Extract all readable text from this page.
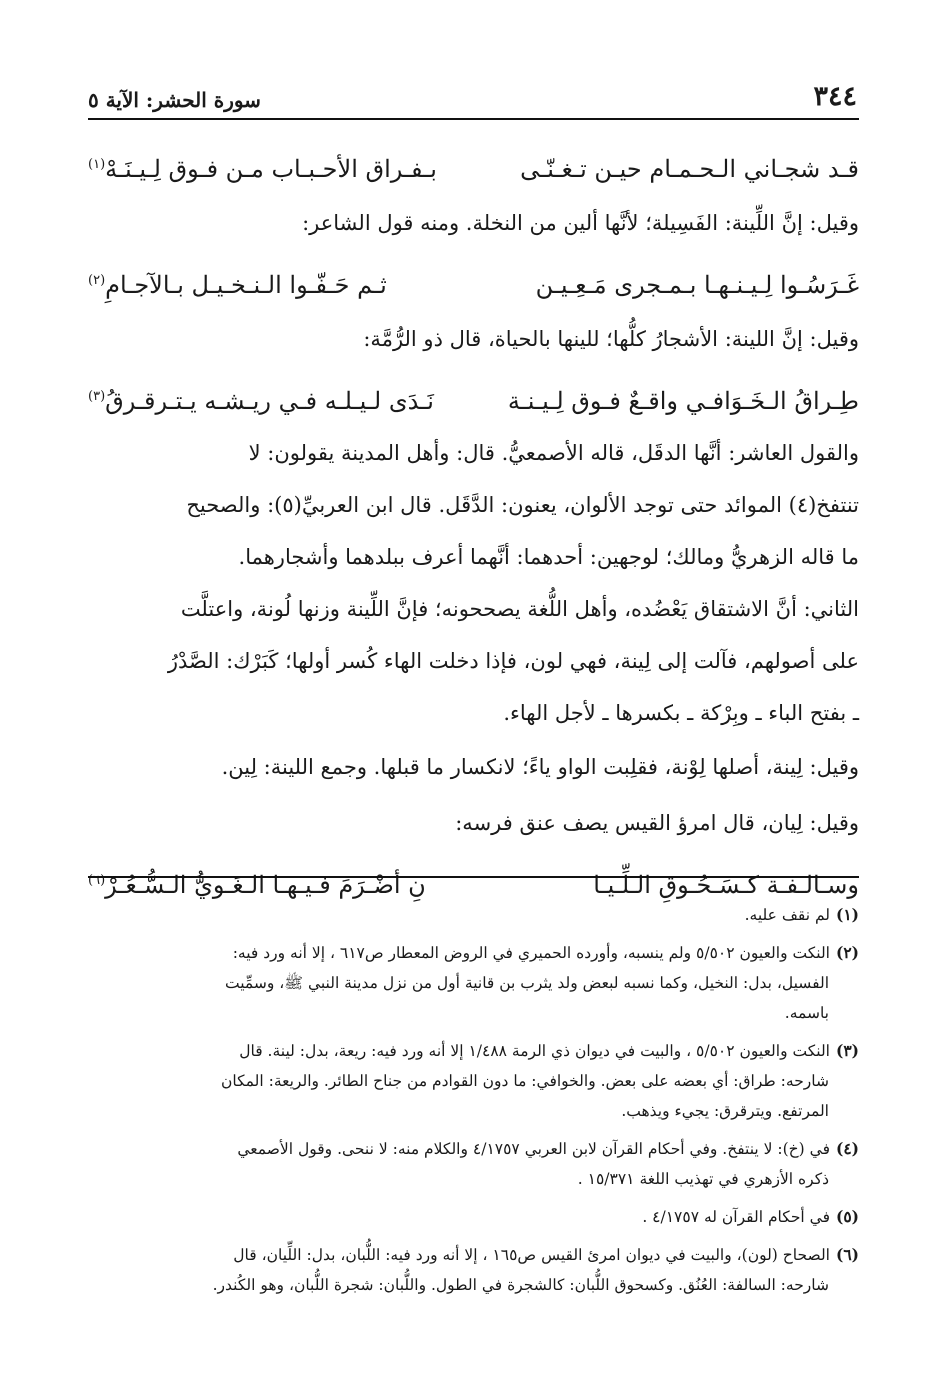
٣٤٤
سورة الحشر: الآية ٥
قـد شجـاني الـحـمـام حيـن تـغـنّـى
بـفـراق الأحـبـاب مـن فـوق لِـيـنَـهْ$^{(١)}$
وقيل: إنَّ اللِّينة: الفَسِيلة؛ لأنَّها ألين من النخلة. ومنه قول الشاعر:
غَـرَسُـوا لِـيـنـهـا بـمـجرى مَـعِـيـن
ثـم حَـفّـوا الـنـخـيـل بـالآجـامِ$^{(٢)}$
وقيل: إنَّ اللينة: الأشجارُ كلُّها؛ للينها بالحياة، قال ذو الرُّمَّة:
طِـراقُ الـخَـوَافـي واقـعٌ فـوق لِـيـنـة
نَـدَى لـيـلـه فـي ريـشـه يـتـرقـرقُ$^{(٣)}$

والقول العاشر: أنَّها الدقَل، قاله الأصمعيُّ. قال: وأهل المدينة يقولون: لا

تنتفخ(٤) الموائد حتى توجد الألوان، يعنون: الدَّقَل. قال ابن العربيِّ(٥): والصحيح

ما قاله الزهريُّ ومالك؛ لوجهين: أحدهما: أنَّهما أعرف ببلدهما وأشجارهما.

الثاني: أنَّ الاشتقاق يَعْضُده، وأهل اللُّغة يصححونه؛ فإنَّ اللِّينة وزنها لُونة، واعتلَّت

على أصولهم، فآلت إلى لِينة، فهي لون، فإذا دخلت الهاء كُسر أولها؛ كَبَرْك: الصَّدْرُ

ـ بفتح الباء ـ وبِرْكة ـ بكسرها ـ لأجل الهاء.

وقيل: لِينة، أصلها لِوْنة، فقلِبت الواو ياءً؛ لانكسار ما قبلها. وجمع اللينة: لِين.
وقيل: لِيان، قال امرؤ القيس يصف عنق فرسه:
وسـالـفـة كـسَـحُـوقِ الـلِّـيـا
نِ أضْـرَمَ فـيـهـا الـغَـويُّ الـسُّـعُـرْ$^{(٦)}$
(١)لم نقف عليه.
(٢)النكت والعيون ٥/٥٠٢ ولم ينسبه، وأورده الحميري في الروض المعطار ص٦١٧ ، إلا أنه ورد فيه:
الفسيل، بدل: النخيل، وكما نسبه لبعض ولد يثرب بن قانية أول من نزل مدينة النبي ﷺ، وسمِّيت
باسمه.
(٣)النكت والعيون ٥/٥٠٢ ، والبيت في ديوان ذي الرمة ١/٤٨٨ إلا أنه ورد فيه: ريعة، بدل: لينة. قال
شارحه: طراق: أي بعضه على بعض. والخوافي: ما دون القوادم من جناح الطائر. والريعة: المكان
المرتفع. ويترقرق: يجيء ويذهب.
(٤)في (خ): لا ينتفخ. وفي أحكام القرآن لابن العربي ٤/١٧٥٧ والكلام منه: لا ننحى. وقول الأصمعي
ذكره الأزهري في تهذيب اللغة ١٥/٣٧١ .
(٥)في أحكام القرآن له ٤/١٧٥٧ .
(٦)الصحاح (لون)، والبيت في ديوان امرئ القيس ص١٦٥ ، إلا أنه ورد فيه: اللُّبان، بدل: اللِّيان، قال
شارحه: السالفة: العُنُق. وكسحوق اللُّبان: كالشجرة في الطول. واللُّبان: شجرة اللُّبان، وهو الكُندر.
